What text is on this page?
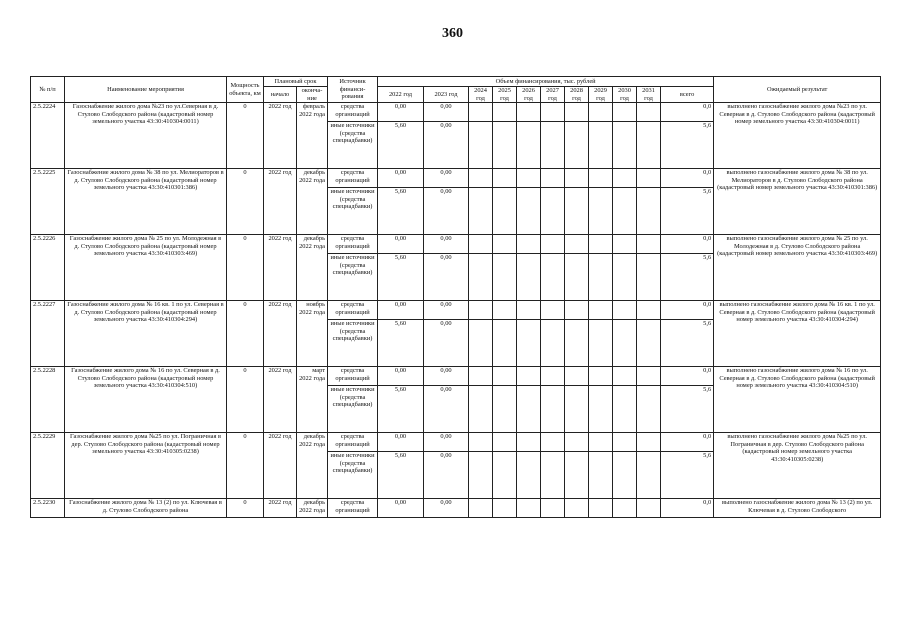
360
№ п/п	Наименование мероприятия	Мощность объекта, км	Плановый срок		Источник финанси-рования	Объем финансирования, тыс. рублей											Ожидаемый результат
			начало	оконча-ние		2022 год	2023 год	2024 год	2025 год	2026 год	2027 год	2028 год	2029 год	2030 год	2031 год	всего	

2.5.2224	Газоснабжение жилого дома №23 по ул.Северная в д. Стулово Слободского района (кадастровый номер земельного участка 43:30:410304:0011)	0	2022 год	февраль 2022 года	средства организаций	0,00	0,00									0,0	выполнено газоснабжение жилого дома №23 по ул. Северная в д. Стулово Слободского района (кадастровый номер земельного участка 43:30:410304:0011)
					иные источники (средства спецнадбавки)	5,60	0,00									5,6	
2.5.2225	Газоснабжение жилого дома № 38 по ул. Мелиораторов в д. Стулово Слободского района (кадастровый номер земельного участка 43:30:410301:386)	0	2022 год	декабрь 2022 года	средства организаций	0,00	0,00									0,0	выполнено газоснабжение жилого дома № 38 по ул. Мелиораторов в д. Стулово Слободского района (кадастровый номер земельного участка 43:30:410301:386)
					иные источники (средства спецнадбавки)	5,60	0,00									5,6	
2.5.2226	Газоснабжение жилого дома № 25 по ул. Молодежная в д. Стулово Слободского района (кадастровый номер земельного участка 43:30:410303:469)	0	2022 год	декабрь 2022 года	средства организаций	0,00	0,00									0,0	выполнено газоснабжение жилого дома № 25 по ул. Молодежная в д. Стулово Слободского района (кадастровый номер земельного участка 43:30:410303:469)
					иные источники (средства спецнадбавки)	5,60	0,00									5,6	
2.5.2227	Газоснабжение жилого дома № 16 кв. 1 по ул. Северная в д. Стулово Слободского района (кадастровый номер земельного участка 43:30:410304:294)	0	2022 год	ноябрь 2022 года	средства организаций	0,00	0,00									0,0	выполнено газоснабжение жилого дома № 16 кв. 1 по ул. Северная в д. Стулово Слободского района (кадастровый номер земельного участка 43:30:410304:294)
					иные источники (средства спецнадбавки)	5,60	0,00									5,6	
2.5.2228	Газоснабжение жилого дома № 16 по ул. Северная в д. Стулово Слободского района (кадастровый номер земельного участка 43:30:410304:510)	0	2022 год	март 2022 года	средства организаций	0,00	0,00									0,0	выполнено газоснабжение жилого дома № 16 по ул. Северная в д. Стулово Слободского района (кадастровый номер земельного участка 43:30:410304:510)
					иные источники (средства спецнадбавки)	5,60	0,00									5,6	
2.5.2229	Газоснабжение жилого дома №25 по ул. Пограничная в дер. Стулово Слободского района (кадастровый номер земельного участка 43:30:410305:0238)	0	2022 год	декабрь 2022 года	средства организаций	0,00	0,00									0,0	выполнено газоснабжение жилого дома №25 по ул. Пограничная в дер. Стулово Слободского района (кадастровый номер земельного участка 43:30:410305:0238)
					иные источники (средства спецнадбавки)	5,60	0,00									5,6	
2.5.2230	Газоснабжение жилого дома № 13 (2) по ул. Ключевая в д. Стулово Слободского района	0	2022 год	декабрь 2022 года	средства организаций	0,00	0,00									0,0	выполнено газоснабжение жилого дома № 13 (2) по ул. Ключевая в д. Стулово Слободского
